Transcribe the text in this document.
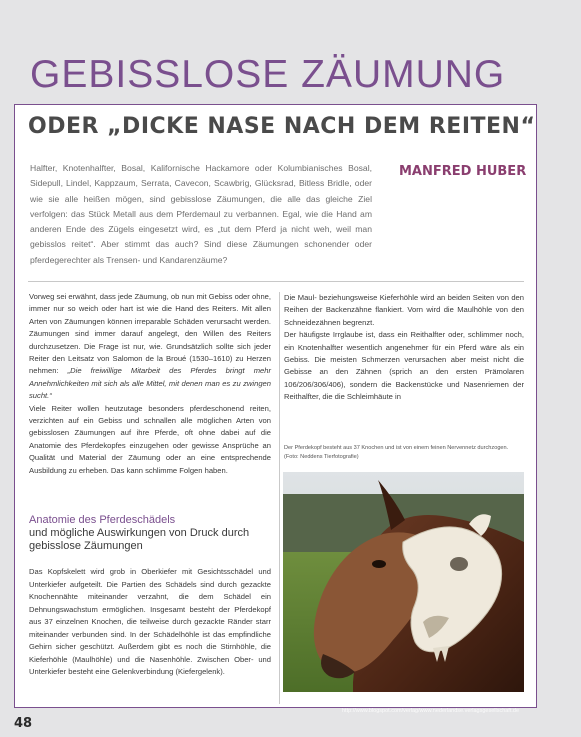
GEBISSLOSE ZÄUMUNG
ODER „DICKE NASE NACH DEM REITEN“
Halfter, Knotenhalfter, Bosal, Kalifornische Hackamore oder Kolumbianisches Bosal, Sidepull, Lindel, Kappzaum, Serrata, Cavecon, Scawbrig, Glücksrad, Bitless Bridle, oder wie sie alle heißen mögen, sind gebisslose Zäumungen, die alle das gleiche Ziel verfolgen: das Stück Metall aus dem Pferdemaul zu verbannen. Egal, wie die Hand am anderen Ende des Zügels eingesetzt wird, es „tut dem Pferd ja nicht weh, weil man gebisslos reitet“. Aber stimmt das auch? Sind diese Zäumungen schonender oder pferdegerechter als Trensen- und Kandarenzäume?
MANFRED HUBER

Vorweg sei erwähnt, dass jede Zäumung, ob nun mit Gebiss oder ohne, immer nur so weich oder hart ist wie die Hand des Reiters. Mit allen Arten von Zäumungen können irreparable Schäden verursacht werden. Zäumungen sind immer darauf angelegt, den Willen des Reiters durchzusetzen. Die Frage ist nur, wie. Grundsätzlich sollte sich jeder Reiter den Leitsatz von Salomon de la Broué (1530–1610) zu Herzen nehmen: „Die freiwillige Mitarbeit des Pferdes bringt mehr Annehmlichkeiten mit sich als alle Mittel, mit denen man es zu zwingen sucht.“

Viele Reiter wollen heutzutage besonders pferdeschonend reiten, verzichten auf ein Gebiss und schnallen alle möglichen Arten von gebisslosen Zäumungen auf ihre Pferde, oft ohne dabei auf die Anatomie des Pferdekopfes einzugehen oder gewisse Ansprüche an Qualität und Material der Zäumung oder an eine entsprechende Ausbildung zu erheben. Das kann schlimme Folgen haben.

Anatomie des Pferdeschädels
und mögliche Auswirkungen von Druck durch gebisslose Zäumungen
Das Kopfskelett wird grob in Oberkiefer mit Gesichtsschädel und Unterkiefer aufgeteilt. Die Partien des Schädels sind durch gezackte Knochennähte miteinander verzahnt, die dem Schädel ein Dehnungswachstum ermöglichen. Insgesamt besteht der Pferdekopf aus 37 einzelnen Knochen, die teilweise durch gezackte Ränder starr miteinander verbunden sind. In der Schädelhöhle ist das empfindliche Gehirn sicher geschützt. Außerdem gibt es noch die Stirnhöhle, die Kieferhöhle (Maulhöhle) und die Nasenhöhle. Zwischen Ober- und Unterkiefer besteht eine Gelenkverbindung (Kiefergelenk).

Die Maul- beziehungsweise Kieferhöhle wird an beiden Seiten von den Reihen der Backenzähne flankiert. Vorn wird die Maulhöhle von den Schneidezähnen begrenzt.

Der häufigste Irrglaube ist, dass ein Reithalfter oder, schlimmer noch, ein Knotenhalfter wesentlich angenehmer für ein Pferd wäre als ein Gebiss. Die meisten Schmerzen verursachen aber meist nicht die Gebisse an den Zähnen (sprich an den ersten Prämolaren 106/206/306/406), sondern die Backenstücke und Nasenriemen der Reithalfter, die die Schleimhäute in

Der Pferdekopf besteht aus 37 Knochen und ist von einem feinen Nervennetz durchzogen. (Foto: Neddens Tierfotografie)
48
http://www.blogspot.com/verlag/www.nederlandse.verlagsgesellschaft.de
